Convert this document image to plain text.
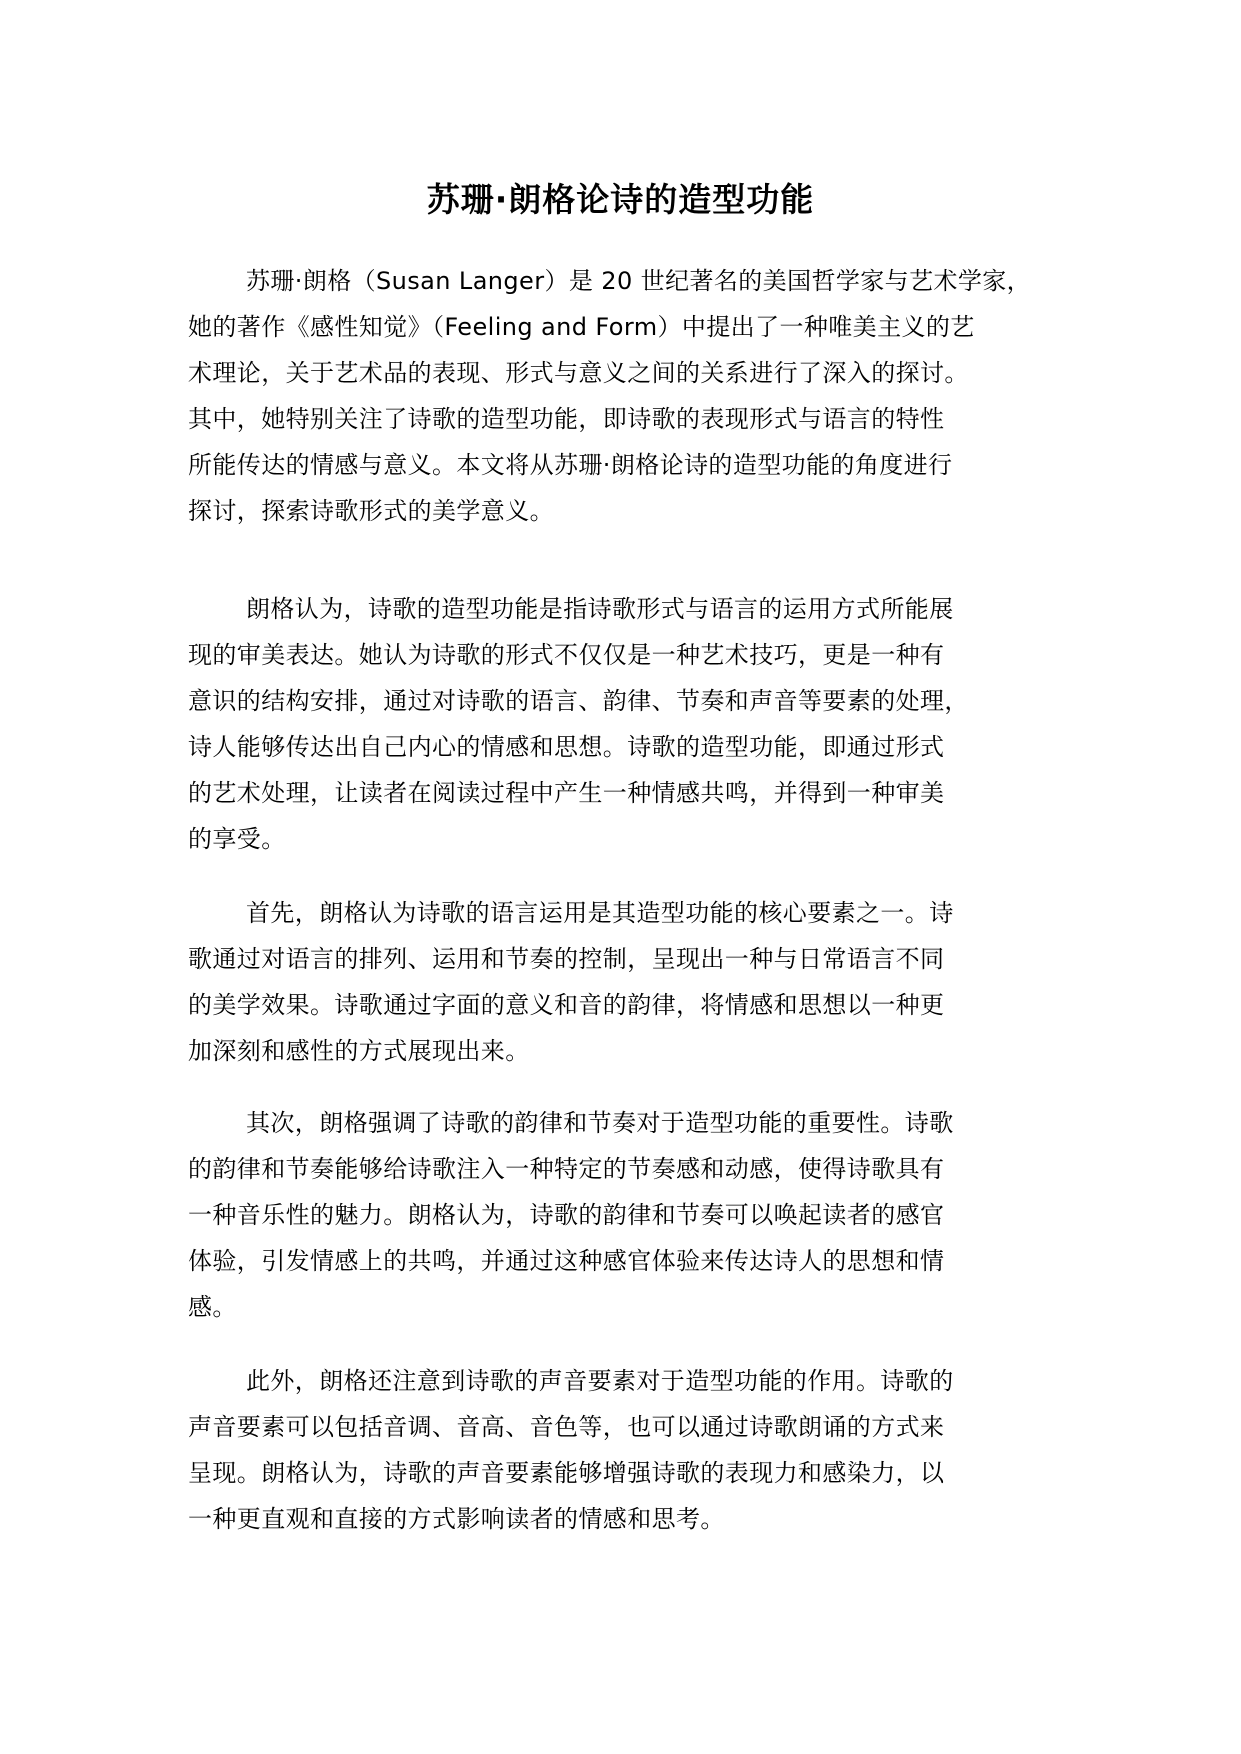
苏珊·朗格论诗的造型功能
苏珊·朗格（Susan Langer）是 20 世纪著名的美国哲学家与艺术学家，
她的著作《感性知觉》（Feeling and Form）中提出了一种唯美主义的艺
术理论，关于艺术品的表现、形式与意义之间的关系进行了深入的探讨。
其中，她特别关注了诗歌的造型功能，即诗歌的表现形式与语言的特性
所能传达的情感与意义。本文将从苏珊·朗格论诗的造型功能的角度进行
探讨，探索诗歌形式的美学意义。
朗格认为，诗歌的造型功能是指诗歌形式与语言的运用方式所能展
现的审美表达。她认为诗歌的形式不仅仅是一种艺术技巧，更是一种有
意识的结构安排，通过对诗歌的语言、韵律、节奏和声音等要素的处理，
诗人能够传达出自己内心的情感和思想。诗歌的造型功能，即通过形式
的艺术处理，让读者在阅读过程中产生一种情感共鸣，并得到一种审美
的享受。
首先，朗格认为诗歌的语言运用是其造型功能的核心要素之一。诗
歌通过对语言的排列、运用和节奏的控制，呈现出一种与日常语言不同
的美学效果。诗歌通过字面的意义和音的韵律，将情感和思想以一种更
加深刻和感性的方式展现出来。
其次，朗格强调了诗歌的韵律和节奏对于造型功能的重要性。诗歌
的韵律和节奏能够给诗歌注入一种特定的节奏感和动感，使得诗歌具有
一种音乐性的魅力。朗格认为，诗歌的韵律和节奏可以唤起读者的感官
体验，引发情感上的共鸣，并通过这种感官体验来传达诗人的思想和情
感。
此外，朗格还注意到诗歌的声音要素对于造型功能的作用。诗歌的
声音要素可以包括音调、音高、音色等，也可以通过诗歌朗诵的方式来
呈现。朗格认为，诗歌的声音要素能够增强诗歌的表现力和感染力，以
一种更直观和直接的方式影响读者的情感和思考。
